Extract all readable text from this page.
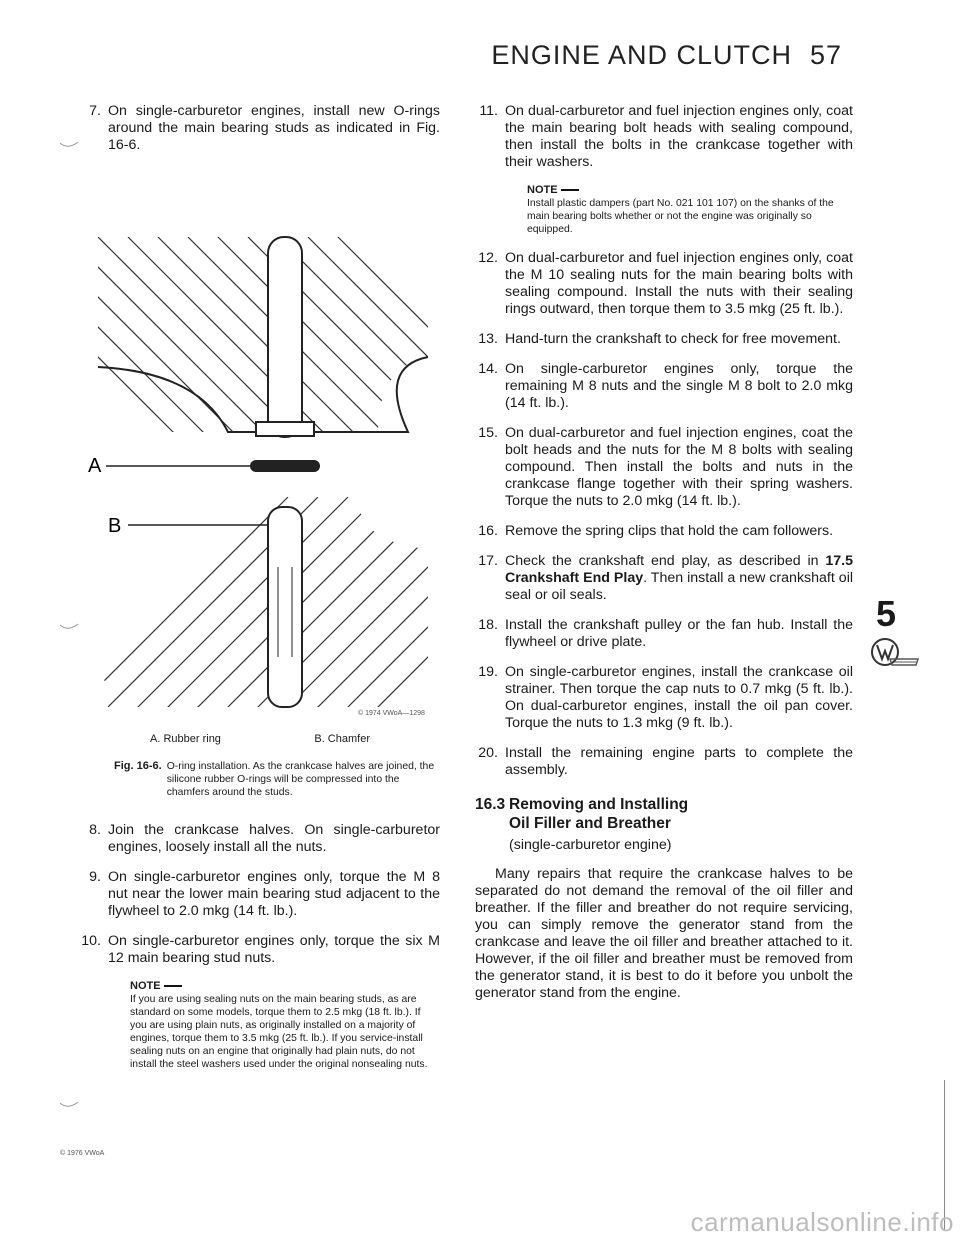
ENGINE AND CLUTCH 57
7. On single-carburetor engines, install new O-rings around the main bearing studs as indicated in Fig. 16-6.
A
B
© 1974 VWoA—1298
A. Rubber ring	B. Chamfer
Fig. 16-6. O-ring installation. As the crankcase halves are joined, the silicone rubber O-rings will be compressed into the chamfers around the studs.
8. Join the crankcase halves. On single-carburetor engines, loosely install all the nuts.
9. On single-carburetor engines only, torque the M 8 nut near the lower main bearing stud adjacent to the flywheel to 2.0 mkg (14 ft. lb.).
10. On single-carburetor engines only, torque the six M 12 main bearing stud nuts.
NOTE
If you are using sealing nuts on the main bearing studs, as are standard on some models, torque them to 2.5 mkg (18 ft. lb.). If you are using plain nuts, as originally installed on a majority of engines, torque them to 3.5 mkg (25 ft. lb.). If you service-install sealing nuts on an engine that originally had plain nuts, do not install the steel washers used under the original nonsealing nuts.
© 1976 VWoA
11. On dual-carburetor and fuel injection engines only, coat the main bearing bolt heads with sealing compound, then install the bolts in the crankcase together with their washers.
NOTE
Install plastic dampers (part No. 021 101 107) on the shanks of the main bearing bolts whether or not the engine was originally so equipped.
12. On dual-carburetor and fuel injection engines only, coat the M 10 sealing nuts for the main bearing bolts with sealing compound. Install the nuts with their sealing rings outward, then torque them to 3.5 mkg (25 ft. lb.).
13. Hand-turn the crankshaft to check for free movement.
14. On single-carburetor engines only, torque the remaining M 8 nuts and the single M 8 bolt to 2.0 mkg (14 ft. lb.).
15. On dual-carburetor and fuel injection engines, coat the bolt heads and the nuts for the M 8 bolts with sealing compound. Then install the bolts and nuts in the crankcase flange together with their spring washers. Torque the nuts to 2.0 mkg (14 ft. lb.).
16. Remove the spring clips that hold the cam followers.
17. Check the crankshaft end play, as described in 17.5 Crankshaft End Play. Then install a new crankshaft oil seal or oil seals.
18. Install the crankshaft pulley or the fan hub. Install the flywheel or drive plate.
19. On single-carburetor engines, install the crankcase oil strainer. Then torque the cap nuts to 0.7 mkg (5 ft. lb.). On dual-carburetor engines, install the oil pan cover. Torque the nuts to 1.3 mkg (9 ft. lb.).
20. Install the remaining engine parts to complete the assembly.
16.3 Removing and Installing
Oil Filler and Breather
(single-carburetor engine)
Many repairs that require the crankcase halves to be separated do not demand the removal of the oil filler and breather. If the filler and breather do not require servicing, you can simply remove the generator stand from the crankcase and leave the oil filler and breather attached to it. However, if the oil filler and breather must be removed from the generator stand, it is best to do it before you unbolt the generator stand from the engine.
5
carmanualsonline.info
